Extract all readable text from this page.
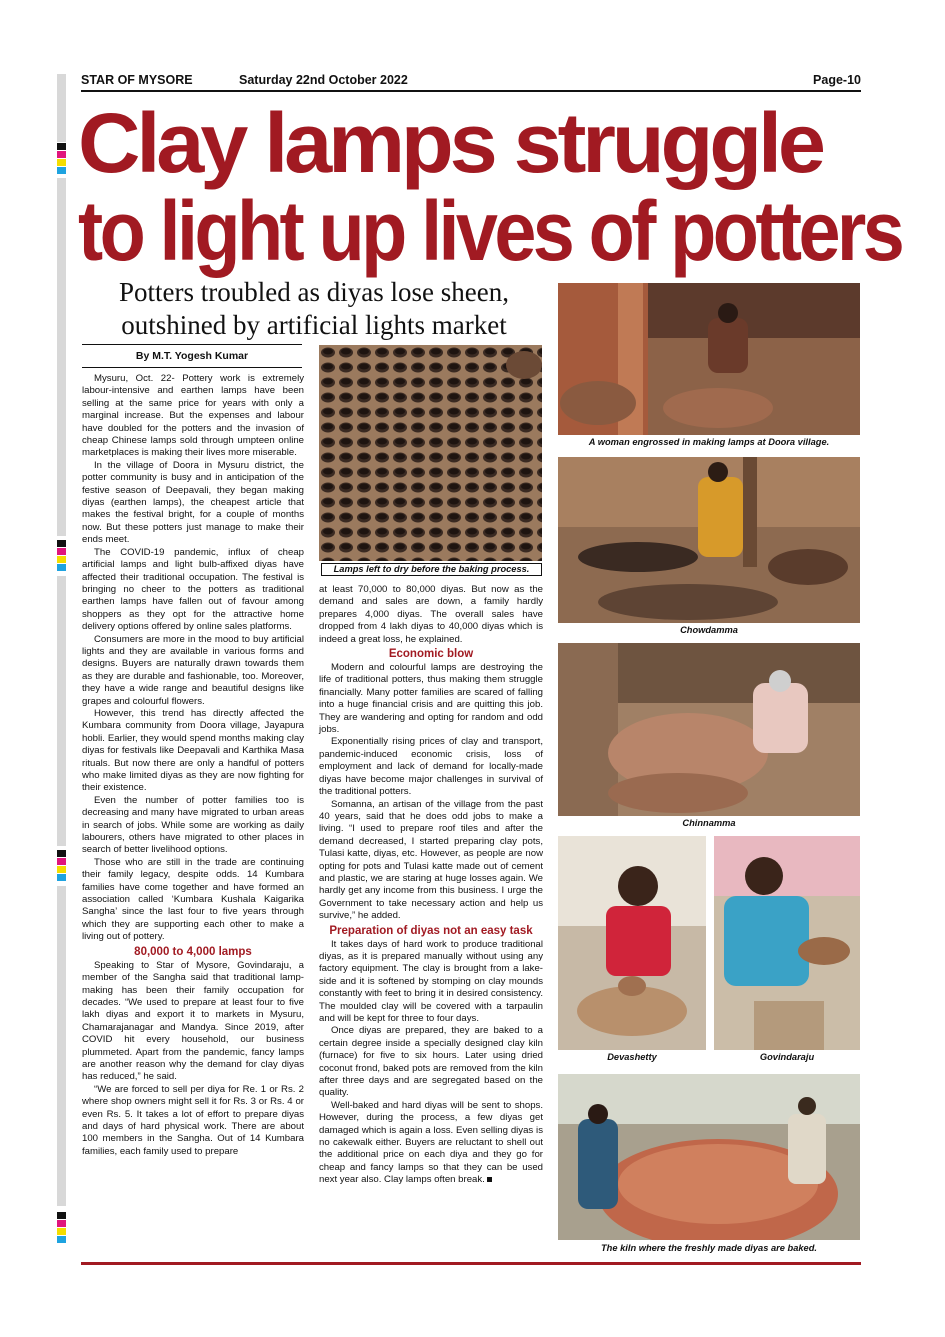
STAR OF MYSORE	Saturday 22nd October 2022	Page-10
Clay lamps struggle
to light up lives of potters
Potters troubled as diyas lose sheen,
outshined by artificial lights market
By M.T. Yogesh Kumar

Mysuru, Oct. 22- Pottery work is extremely labour-intensive and earthen lamps have been selling at the same price for years with only a marginal increase. But the expenses and labour have doubled for the potters and the invasion of cheap Chinese lamps sold through umpteen online marketplaces is making their lives more miserable.

In the village of Doora in Mysuru district, the potter community is busy and in anticipation of the festive season of Deepavali, they began making diyas (earthen lamps), the cheapest article that makes the festival bright, for a couple of months now. But these potters just manage to make their ends meet.

The COVID-19 pandemic, influx of cheap artificial lamps and light bulb-affixed diyas have affected their traditional occupation. The festival is bringing no cheer to the potters as traditional earthen lamps have fallen out of favour among shoppers as they opt for the attractive home delivery options offered by online sales platforms.

Consumers are more in the mood to buy artificial lights and they are available in various forms and designs. Buyers are naturally drawn towards them as they are durable and fashionable, too. Moreover, they have a wide range and beautiful designs like grapes and colourful flowers.

However, this trend has directly affected the Kumbara community from Doora village, Jayapura hobli. Earlier, they would spend months making clay diyas for festivals like Deepavali and Karthika Masa rituals. But now there are only a handful of potters who make limited diyas as they are now fighting for their existence.

Even the number of potter families too is decreasing and many have migrated to urban areas in search of jobs. While some are working as daily labourers, others have migrated to other places in search of better livelihood options.

Those who are still in the trade are continuing their family legacy, despite odds. 14 Kumbara families have come together and have formed an association called ‘Kumbara Kushala Kaigarika Sangha’ since the last four to five years through which they are supporting each other to make a living out of pottery.

80,000 to 4,000 lamps

Speaking to Star of Mysore, Govindaraju, a member of the Sangha said that traditional lamp-making has been their family occupation for decades. “We used to prepare at least four to five lakh diyas and export it to markets in Mysuru, Chamarajanagar and Mandya. Since 2019, after COVID hit every household, our business plummeted. Apart from the pandemic, fancy lamps are another reason why the demand for clay diyas has reduced,” he said.

“We are forced to sell per diya for Re. 1 or Rs. 2 where shop owners might sell it for Rs. 3 or Rs. 4 or even Rs. 5. It takes a lot of effort to prepare diyas and days of hard physical work. There are about 100 members in the Sangha. Out of 14 Kumbara families, each family used to prepare

Lamps left to dry before the baking process.

at least 70,000 to 80,000 diyas. But now as the demand and sales are down, a family hardly prepares 4,000 diyas. The overall sales have dropped from 4 lakh diyas to 40,000 diyas which is indeed a great loss, he explained.

Economic blow

Modern and colourful lamps are destroying the life of traditional potters, thus making them struggle financially. Many potter families are scared of falling into a huge financial crisis and are quitting this job. They are wandering and opting for random and odd jobs.

Exponentially rising prices of clay and transport, pandemic-induced economic crisis, loss of employment and lack of demand for locally-made diyas have become major challenges in survival of the traditional potters.

Somanna, an artisan of the village from the past 40 years, said that he does odd jobs to make a living. “I used to prepare roof tiles and after the demand decreased, I started preparing clay pots, Tulasi katte, diyas, etc. However, as people are now opting for pots and Tulasi katte made out of cement and plastic, we are staring at huge losses again. We hardly get any income from this business. I urge the Government to take necessary action and help us survive,” he added.

Preparation of diyas not an easy task

It takes days of hard work to produce traditional diyas, as it is prepared manually without using any factory equipment. The clay is brought from a lake-side and it is softened by stomping on clay mounds constantly with feet to bring it in desired consistency. The moulded clay will be covered with a tarpaulin and will be kept for three to four days.

Once diyas are prepared, they are baked to a certain degree inside a specially designed clay kiln (furnace) for five to six hours. Later using dried coconut frond, baked pots are removed from the kiln after three days and are segregated based on the quality.

Well-baked and hard diyas will be sent to shops. However, during the process, a few diyas get damaged which is again a loss. Even selling diyas is no cakewalk either. Buyers are reluctant to shell out the additional price on each diya and they go for cheap and fancy lamps so that they can be used next year also. Clay lamps often break.

A woman engrossed in making lamps at Doora village.
Chowdamma
Chinnamma
Devashetty	Govindaraju
The kiln where the freshly made diyas are baked.
